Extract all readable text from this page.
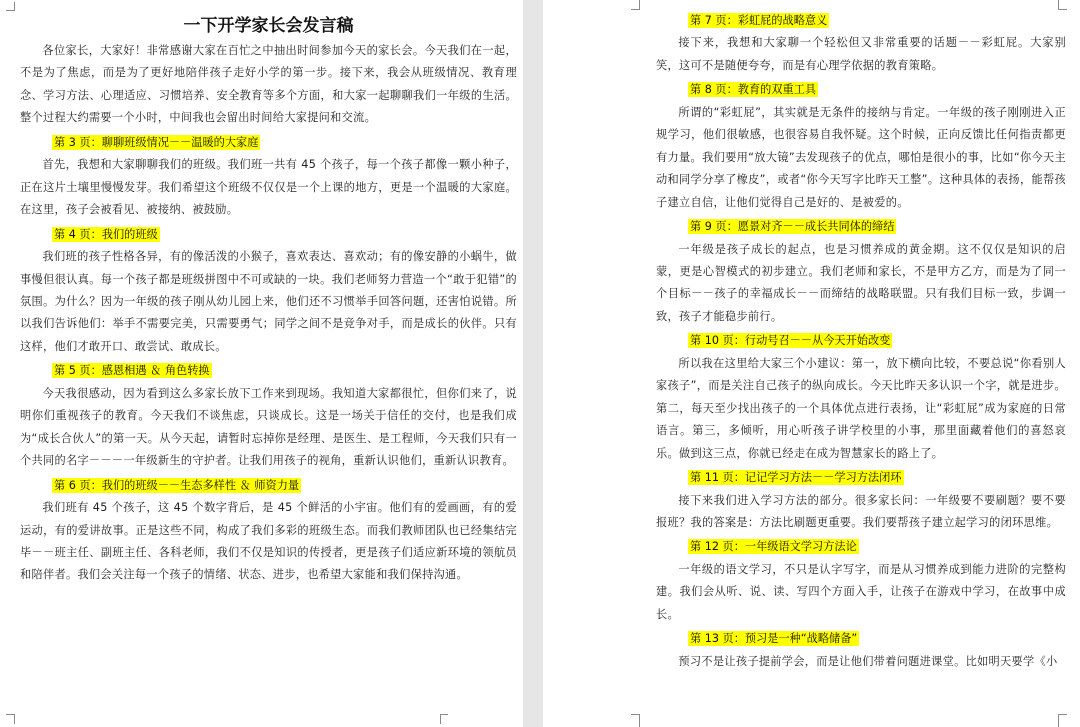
一下开学家长会发言稿

各位家长，大家好！非常感谢大家在百忙之中抽出时间参加今天的家长会。今天我们在一起，不是为了焦虑，而是为了更好地陪伴孩子走好小学的第一步。接下来，我会从班级情况、教育理念、学习方法、心理适应、习惯培养、安全教育等多个方面，和大家一起聊聊我们一年级的生活。整个过程大约需要一个小时，中间我也会留出时间给大家提问和交流。

第 3 页：聊聊班级情况－－温暖的大家庭

首先，我想和大家聊聊我们的班级。我们班一共有 45 个孩子，每一个孩子都像一颗小种子，正在这片土壤里慢慢发芽。我们希望这个班级不仅仅是一个上课的地方，更是一个温暖的大家庭。在这里，孩子会被看见、被接纳、被鼓励。

第 4 页：我们的班级

我们班的孩子性格各异，有的像活泼的小猴子，喜欢表达、喜欢动；有的像安静的小蜗牛，做事慢但很认真。每一个孩子都是班级拼图中不可或缺的一块。我们老师努力营造一个“敢于犯错”的氛围。为什么？因为一年级的孩子刚从幼儿园上来，他们还不习惯举手回答问题，还害怕说错。所以我们告诉他们：举手不需要完美，只需要勇气；同学之间不是竞争对手，而是成长的伙伴。只有这样，他们才敢开口、敢尝试、敢成长。

第 5 页：感恩相遇 ＆ 角色转换

今天我很感动，因为看到这么多家长放下工作来到现场。我知道大家都很忙，但你们来了，说明你们重视孩子的教育。今天我们不谈焦虑，只谈成长。这是一场关于信任的交付，也是我们成为“成长合伙人”的第一天。从今天起，请暂时忘掉你是经理、是医生、是工程师，今天我们只有一个共同的名字－－－一年级新生的守护者。让我们用孩子的视角，重新认识他们，重新认识教育。

第 6 页：我们的班级－－生态多样性 ＆ 师资力量

我们班有 45 个孩子，这 45 个数字背后，是 45 个鲜活的小宇宙。他们有的爱画画，有的爱运动，有的爱讲故事。正是这些不同，构成了我们多彩的班级生态。而我们教师团队也已经集结完毕－－班主任、副班主任、各科老师，我们不仅是知识的传授者，更是孩子们适应新环境的领航员和陪伴者。我们会关注每一个孩子的情绪、状态、进步，也希望大家能和我们保持沟通。

第 7 页：彩虹屁的战略意义

接下来，我想和大家聊一个轻松但又非常重要的话题－－彩虹屁。大家别笑，这可不是随便夸夸，而是有心理学依据的教育策略。

第 8 页：教育的双重工具

所谓的“彩虹屁”，其实就是无条件的接纳与肯定。一年级的孩子刚刚进入正规学习，他们很敏感，也很容易自我怀疑。这个时候，正向反馈比任何指责都更有力量。我们要用“放大镜”去发现孩子的优点，哪怕是很小的事，比如“你今天主动和同学分享了橡皮”，或者“你今天写字比昨天工整”。这种具体的表扬，能帮孩子建立自信，让他们觉得自己是好的、是被爱的。

第 9 页：愿景对齐－－成长共同体的缔结

一年级是孩子成长的起点，也是习惯养成的黄金期。这不仅仅是知识的启蒙，更是心智模式的初步建立。我们老师和家长，不是甲方乙方，而是为了同一个目标－－孩子的幸福成长－－而缔结的战略联盟。只有我们目标一致，步调一致，孩子才能稳步前行。

第 10 页：行动号召－－从今天开始改变

所以我在这里给大家三个小建议：第一，放下横向比较，不要总说“你看别人家孩子”，而是关注自己孩子的纵向成长。今天比昨天多认识一个字，就是进步。第二，每天至少找出孩子的一个具体优点进行表扬，让“彩虹屁”成为家庭的日常语言。第三，多倾听，用心听孩子讲学校里的小事，那里面藏着他们的喜怒哀乐。做到这三点，你就已经走在成为智慧家长的路上了。

第 11 页：记记学习方法－－学习方法闭环

接下来我们进入学习方法的部分。很多家长问：一年级要不要刷题？要不要报班？我的答案是：方法比刷题更重要。我们要帮孩子建立起学习的闭环思维。

第 12 页：一年级语文学习方法论

一年级的语文学习，不只是认字写字，而是从习惯养成到能力进阶的完整构建。我们会从听、说、读、写四个方面入手，让孩子在游戏中学习，在故事中成长。

第 13 页：预习是一种“战略储备”

预习不是让孩子提前学会，而是让他们带着问题进课堂。比如明天要学《小
